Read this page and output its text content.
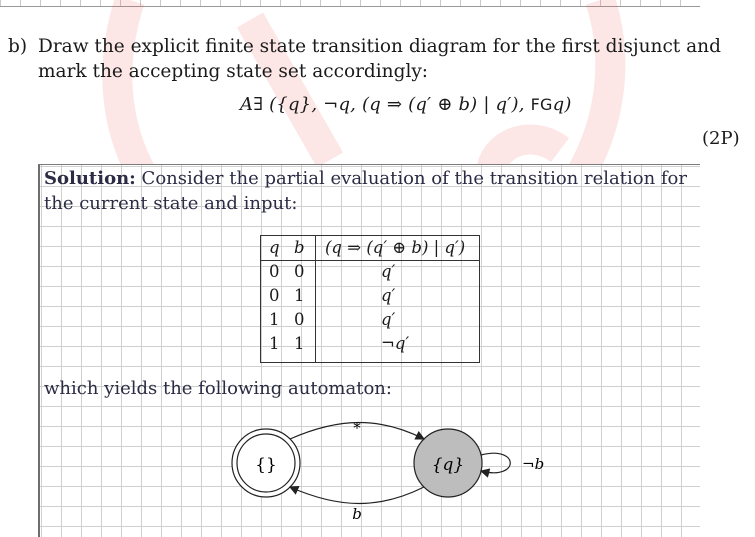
b) Draw the explicit finite state transition diagram for the first disjunct and mark the accepting state set accordingly:
A∃ ({q}, ¬q, (q ⇒ (q′ ⊕ b) | q′), FGq)
(2P)
Solution: Consider the partial evaluation of the transition relation for the current state and input:
q b (q ⇒ (q′ ⊕ b) | q′)
0 0	q′
0 1	q′
1 0	q′
1 1	¬q′
which yields the following automaton:
{}	{q}
*
b
¬b
